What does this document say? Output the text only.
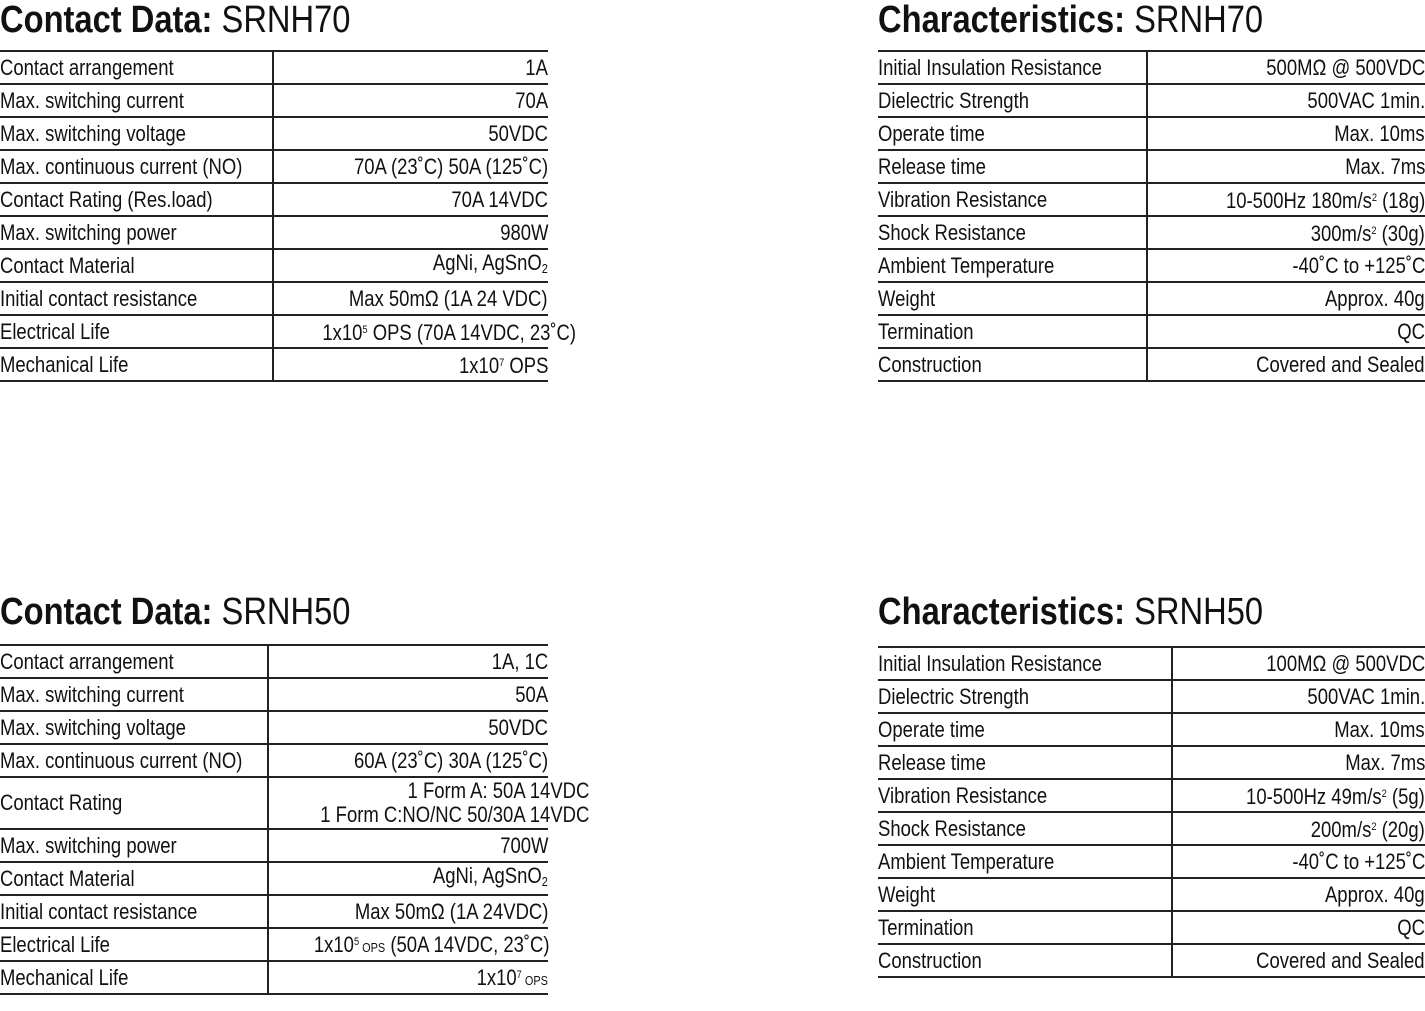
Contact Data: SRNH70
Contact arrangement	1A
Max. switching current	70A
Max. switching voltage	50VDC
Max. continuous current (NO)	70A (23˚C) 50A (125˚C)
Contact Rating (Res.load)	70A 14VDC
Max. switching power	980W
Contact Material	AgNi, AgSnO$_2$
Initial contact resistance	Max 50mΩ (1A 24 VDC)
Electrical Life	$1x10^5$ OPS (70A 14VDC, 23˚C)
Mechanical Life	$1x10^7$ OPS
Characteristics: SRNH70
Initial Insulation Resistance	500MΩ @ 500VDC
Dielectric Strength	500VAC 1min.
Operate time	Max. 10ms
Release time	Max. 7ms
Vibration Resistance	10-500Hz $180m/s^2$ (18g)
Shock Resistance	$300m/s^2$ (30g)
Ambient Temperature	-40˚C to +125˚C
Weight	Approx. 40g
Termination	QC
Construction	Covered and Sealed
Contact Data: SRNH50
Contact arrangement	1A, 1C
Max. switching current	50A
Max. switching voltage	50VDC
Max. continuous current (NO)	60A (23˚C) 30A (125˚C)
Contact Rating	1 Form A: 50A 14VDC
1 Form C:NO/NC 50/30A 14VDC
Max. switching power	700W
Contact Material	AgNi, AgSnO$_2$
Initial contact resistance	Max 50mΩ (1A 24VDC)
Electrical Life	$1x10^5$ OPS (50A 14VDC, 23˚C)
Mechanical Life	$1x10^7$ OPS
Characteristics: SRNH50
Initial Insulation Resistance	100MΩ @ 500VDC
Dielectric Strength	500VAC 1min.
Operate time	Max. 10ms
Release time	Max. 7ms
Vibration Resistance	10-500Hz $49m/s^2$ (5g)
Shock Resistance	$200m/s^2$ (20g)
Ambient Temperature	-40˚C to +125˚C
Weight	Approx. 40g
Termination	QC
Construction	Covered and Sealed
